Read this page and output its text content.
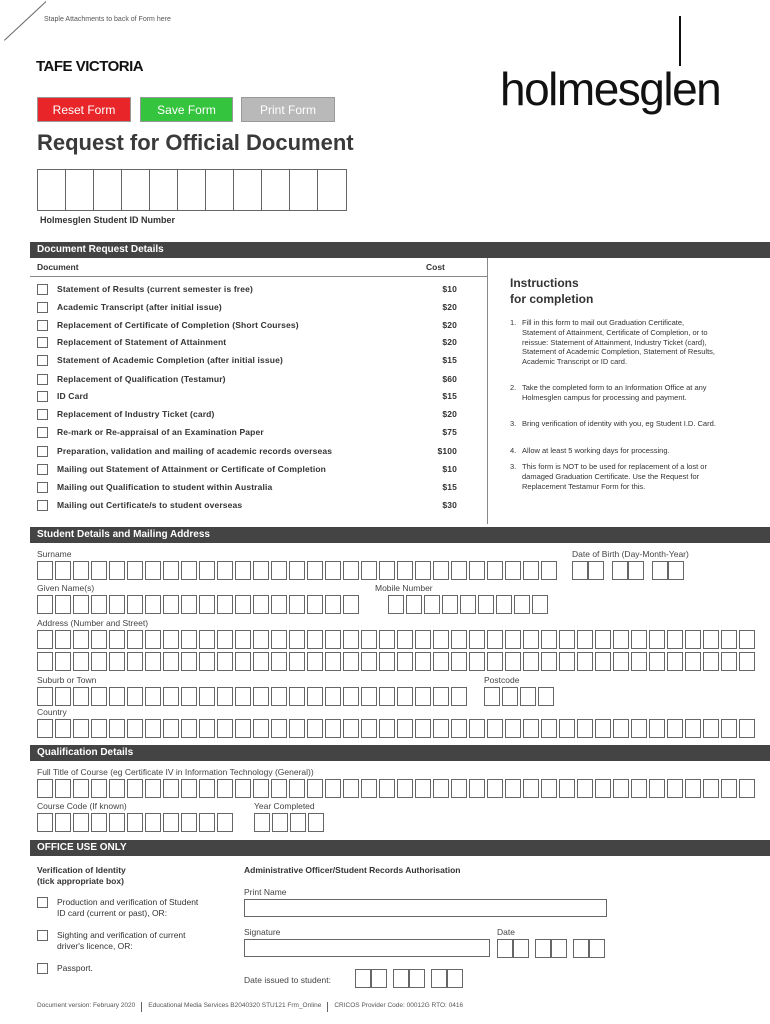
Staple Attachments to back of Form here
TAFE VICTORIA	holmesglen
Reset Form	Save Form	Print Form
Request for Official Document
Holmesglen Student ID Number
Document Request Details
Document	Cost
Statement of Results (current semester is free)	$10
Academic Transcript (after initial issue)	$20
Replacement of Certificate of Completion (Short Courses)	$20
Replacement of Statement of Attainment	$20
Statement of Academic Completion (after initial issue)	$15
Replacement of Qualification (Testamur)	$60
ID Card	$15
Replacement of Industry Ticket (card)	$20
Re-mark or Re-appraisal of an Examination Paper	$75
Preparation, validation and mailing of academic records overseas	$100
Mailing out Statement of Attainment or Certificate of Completion	$10
Mailing out Qualification to student within Australia	$15
Mailing out Certificate/s to student overseas	$30
Instructions
for completion
1. Fill in this form to mail out Graduation Certificate, Statement of Attainment, Certificate of Completion, or to reissue: Statement of Attainment, Industry Ticket (card), Statement of Academic Completion, Statement of Results, Academic Transcript or ID card.
2. Take the completed form to an Information Office at any Holmesglen campus for processing and payment.
3. Bring verification of identity with you, eg Student I.D. Card.
4. Allow at least 5 working days for processing.
3. This form is NOT to be used for replacement of a lost or damaged Graduation Certificate. Use the Request for Replacement Testamur Form for this.
Student Details and Mailing Address
Surname	Date of Birth (Day-Month-Year)
Given Name(s)	Mobile Number
Address (Number and Street)
Suburb or Town	Postcode
Country
Qualification Details
Full Title of Course (eg Certificate IV in Information Technology (General))
Course Code (If known)	Year Completed
OFFICE USE ONLY
Verification of Identity
(tick appropriate box)
Administrative Officer/Student Records Authorisation
Production and verification of Student
ID card (current or past), OR:
Sighting and verification of current
driver's licence, OR:
Passport.
Print Name
Signature	Date
Date issued to student:
Document version: February 2020 Educational Media Services B2040320 STU121 Frm_Online CRICOS Provider Code: 00012G RTO: 0416
